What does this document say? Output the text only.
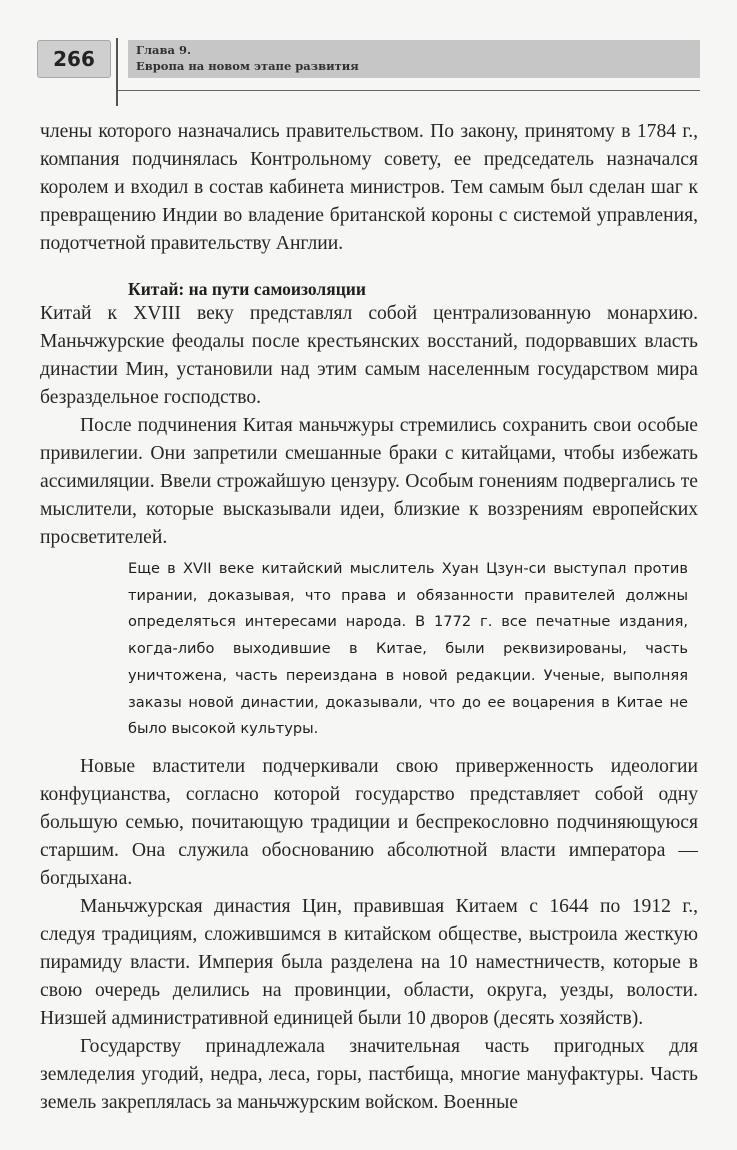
266	Глава 9.
Европа на новом этапе развития

члены которого назначались правительством. По закону, принятому в 1784 г., компания подчинялась Контрольному совету, ее председатель назначался королем и входил в состав кабинета министров. Тем самым был сделан шаг к превращению Индии во владение британской короны с системой управления, подотчетной правительству Англии.

Китай: на пути самоизоляции

Китай к XVIII веку представлял собой централизованную монархию. Маньчжурские феодалы после крестьянских восстаний, подорвавших власть династии Мин, установили над этим самым населенным государством мира безраздельное господство.

После подчинения Китая маньчжуры стремились сохранить свои особые привилегии. Они запретили смешанные браки с китайцами, чтобы избежать ассимиляции. Ввели строжайшую цензуру. Особым гонениям подвергались те мыслители, которые высказывали идеи, близкие к воззрениям европейских просветителей.

Еще в XVII веке китайский мыслитель Хуан Цзун-си выступал против тирании, доказывая, что права и обязанности правителей должны определяться интересами народа. В 1772 г. все печатные издания, когда-либо выходившие в Китае, были реквизированы, часть уничтожена, часть переиздана в новой редакции. Ученые, выполняя заказы новой династии, доказывали, что до ее воцарения в Китае не было высокой культуры.

Новые властители подчеркивали свою приверженность идеологии конфуцианства, согласно которой государство представляет собой одну большую семью, почитающую традиции и беспрекословно подчиняющуюся старшим. Она служила обоснованию абсолютной власти императора — богдыхана.

Маньчжурская династия Цин, правившая Китаем с 1644 по 1912 г., следуя традициям, сложившимся в китайском обществе, выстроила жесткую пирамиду власти. Империя была разделена на 10 наместничеств, которые в свою очередь делились на провинции, области, округа, уезды, волости. Низшей административной единицей были 10 дворов (десять хозяйств).

Государству принадлежала значительная часть пригодных для земледелия угодий, недра, леса, горы, пастбища, многие мануфактуры. Часть земель закреплялась за маньчжурским войском. Военные
